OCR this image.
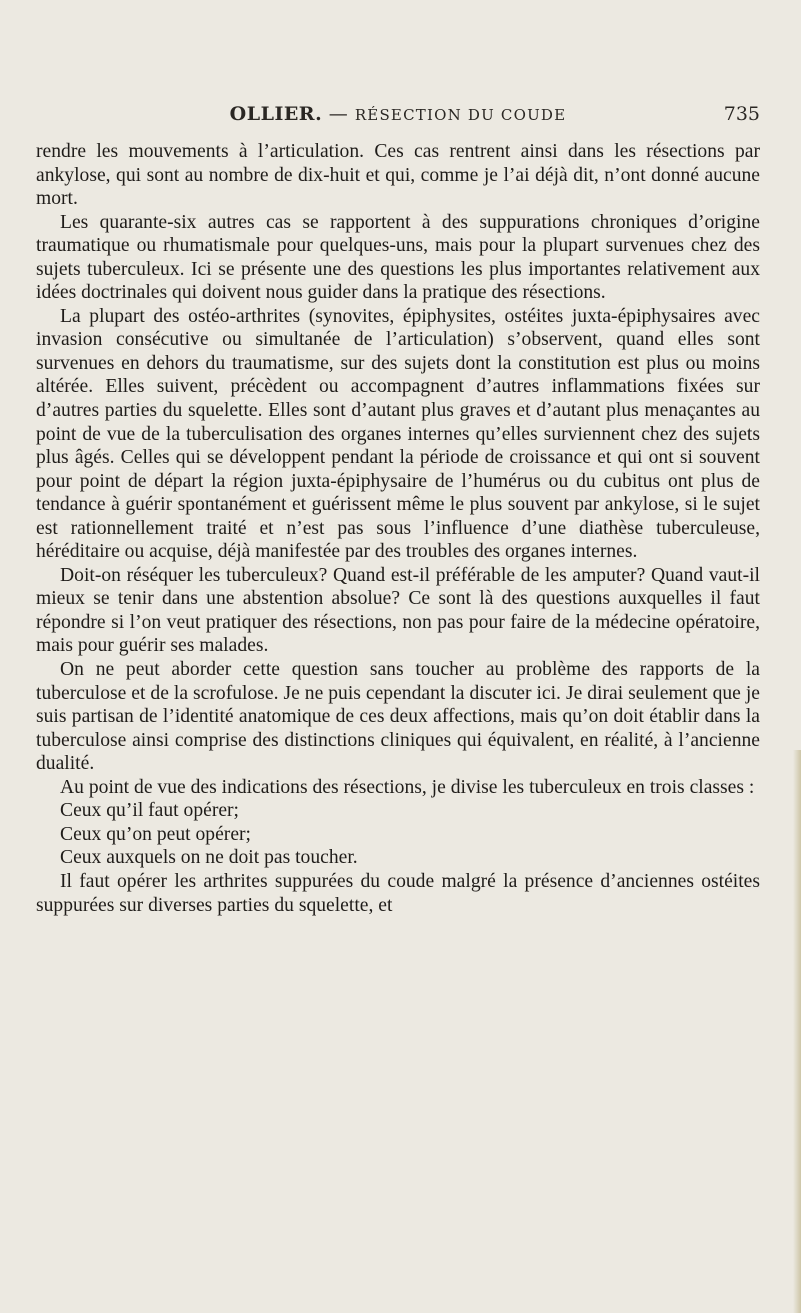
OLLIER. — RÉSECTION DU COUDE	735

rendre les mouvements à l’articulation. Ces cas rentrent ainsi dans les résections par ankylose, qui sont au nombre de dix-huit et qui, comme je l’ai déjà dit, n’ont donné aucune mort.

Les quarante-six autres cas se rapportent à des suppurations chroniques d’origine traumatique ou rhumatismale pour quelques-uns, mais pour la plupart survenues chez des sujets tuberculeux. Ici se présente une des questions les plus importantes relativement aux idées doctrinales qui doivent nous guider dans la pratique des résections.

La plupart des ostéo-arthrites (synovites, épiphysites, ostéites juxta-épiphysaires avec invasion consécutive ou simultanée de l’articulation) s’observent, quand elles sont survenues en dehors du traumatisme, sur des sujets dont la constitution est plus ou moins altérée. Elles suivent, précèdent ou accompagnent d’autres inflammations fixées sur d’autres parties du squelette. Elles sont d’autant plus graves et d’autant plus menaçantes au point de vue de la tuberculisation des organes internes qu’elles surviennent chez des sujets plus âgés. Celles qui se développent pendant la période de croissance et qui ont si souvent pour point de départ la région juxta-épiphysaire de l’humérus ou du cubitus ont plus de tendance à guérir spontanément et guérissent même le plus souvent par ankylose, si le sujet est rationnellement traité et n’est pas sous l’influence d’une diathèse tuberculeuse, héréditaire ou acquise, déjà manifestée par des troubles des organes internes.

Doit-on réséquer les tuberculeux? Quand est-il préférable de les amputer? Quand vaut-il mieux se tenir dans une abstention absolue? Ce sont là des questions auxquelles il faut répondre si l’on veut pratiquer des résections, non pas pour faire de la médecine opératoire, mais pour guérir ses malades.

On ne peut aborder cette question sans toucher au problème des rapports de la tuberculose et de la scrofulose. Je ne puis cependant la discuter ici. Je dirai seulement que je suis partisan de l’identité anatomique de ces deux affections, mais qu’on doit établir dans la tuberculose ainsi comprise des distinctions cliniques qui équivalent, en réalité, à l’ancienne dualité.

Au point de vue des indications des résections, je divise les tuberculeux en trois classes :

Ceux qu’il faut opérer;

Ceux qu’on peut opérer;

Ceux auxquels on ne doit pas toucher.

Il faut opérer les arthrites suppurées du coude malgré la présence d’anciennes ostéites suppurées sur diverses parties du squelette, et
